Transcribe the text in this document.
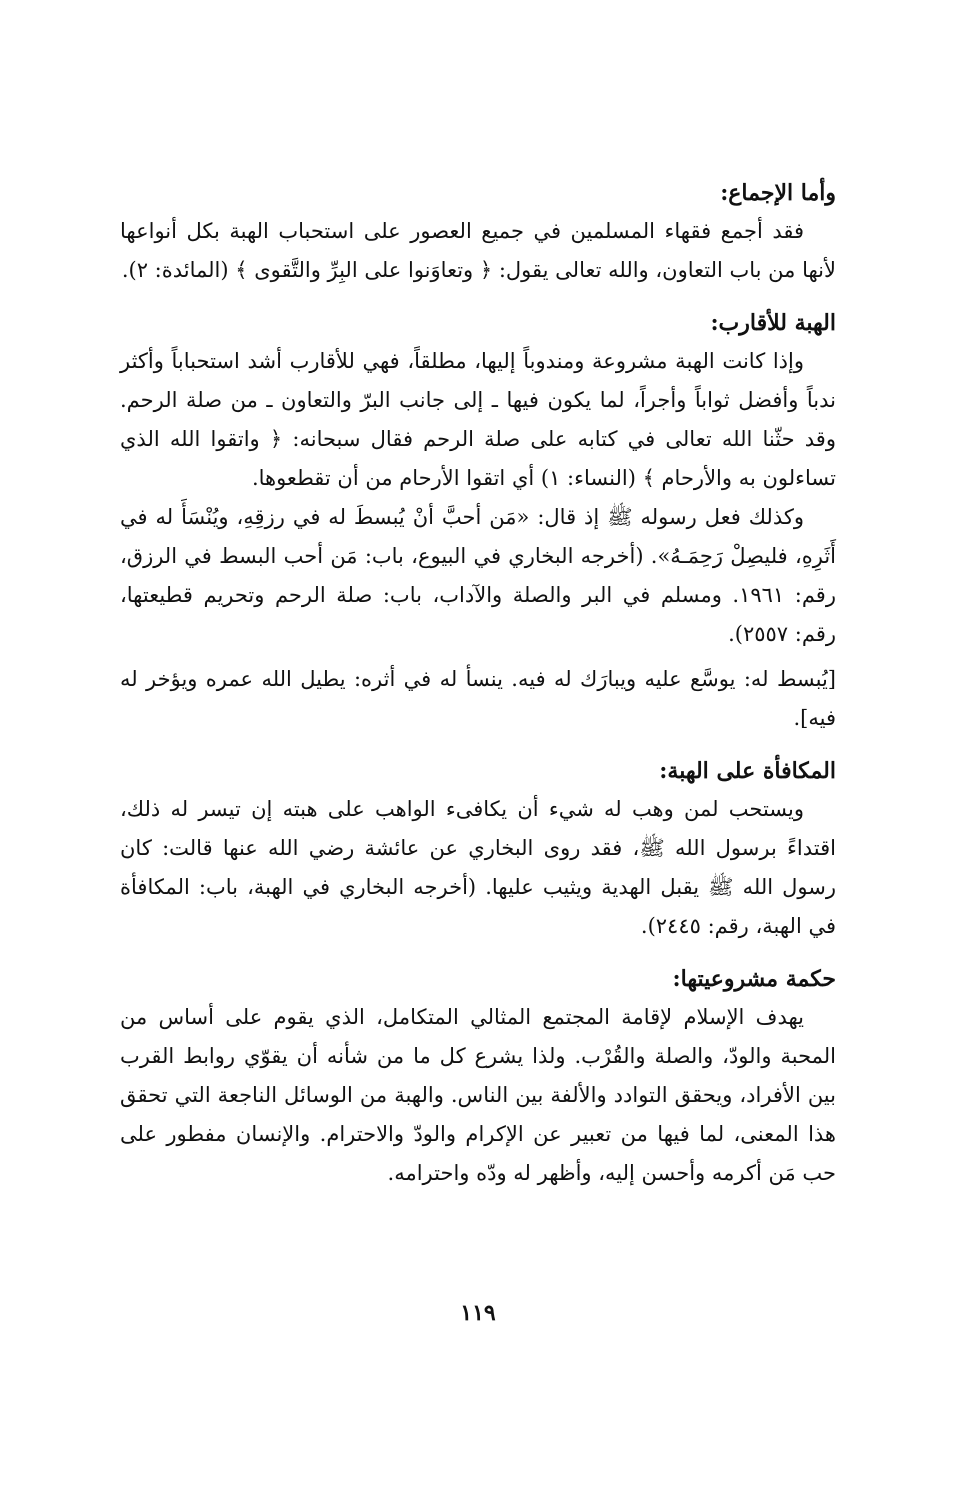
وأما الإجماع:

فقد أجمع فقهاء المسلمين في جميع العصور على استحباب الهبة بكل أنواعها لأنها من باب التعاون، والله تعالى يقول: ﴿ وتعاوَنوا على البِرِّ والتَّقوى ﴾ (المائدة: ٢).

الهبة للأقارب:

وإذا كانت الهبة مشروعة ومندوباً إليها، مطلقاً، فهي للأقارب أشد استحباباً وأكثر ندباً وأفضل ثواباً وأجراً، لما يكون فيها ـ إلى جانب البرّ والتعاون ـ من صلة الرحم. وقد حثّنا الله تعالى في كتابه على صلة الرحم فقال سبحانه: ﴿ واتقوا الله الذي تساءلون به والأرحام ﴾ (النساء: ١) أي اتقوا الأرحام من أن تقطعوها.

وكذلك فعل رسوله ﷺ إذ قال: «مَن أحبَّ أنْ يُبسطَ له في رزقِهِ، ويُنْسَأَ له في أَثَرِهِ، فليصِلْ رَحِمَـهُ». (أخرجه البخاري في البيوع، باب: مَن أحب البسط في الرزق، رقم: ١٩٦١. ومسلم في البر والصلة والآداب، باب: صلة الرحم وتحريم قطيعتها، رقم: ٢٥٥٧).

[يُبسط له: يوسَّع عليه ويبارَك له فيه. ينسأ له في أثره: يطيل الله عمره ويؤخر له فيه].

المكافأة على الهبة:

ويستحب لمن وهب له شيء أن يكافىء الواهب على هبته إن تيسر له ذلك، اقتداءً برسول الله ﷺ، فقد روى البخاري عن عائشة رضي الله عنها قالت: كان رسول الله ﷺ يقبل الهدية ويثيب عليها. (أخرجه البخاري في الهبة، باب: المكافأة في الهبة، رقم: ٢٤٤٥).

حكمة مشروعيتها:

يهدف الإسلام لإقامة المجتمع المثالي المتكامل، الذي يقوم على أساس من المحبة والودّ، والصلة والقُرْب. ولذا يشرع كل ما من شأنه أن يقوّي روابط القرب بين الأفراد، ويحقق التوادد والألفة بين الناس. والهبة من الوسائل الناجعة التي تحقق هذا المعنى، لما فيها من تعبير عن الإكرام والودّ والاحترام. والإنسان مفطور على حب مَن أكرمه وأحسن إليه، وأظهر له ودّه واحترامه.

١١٩
